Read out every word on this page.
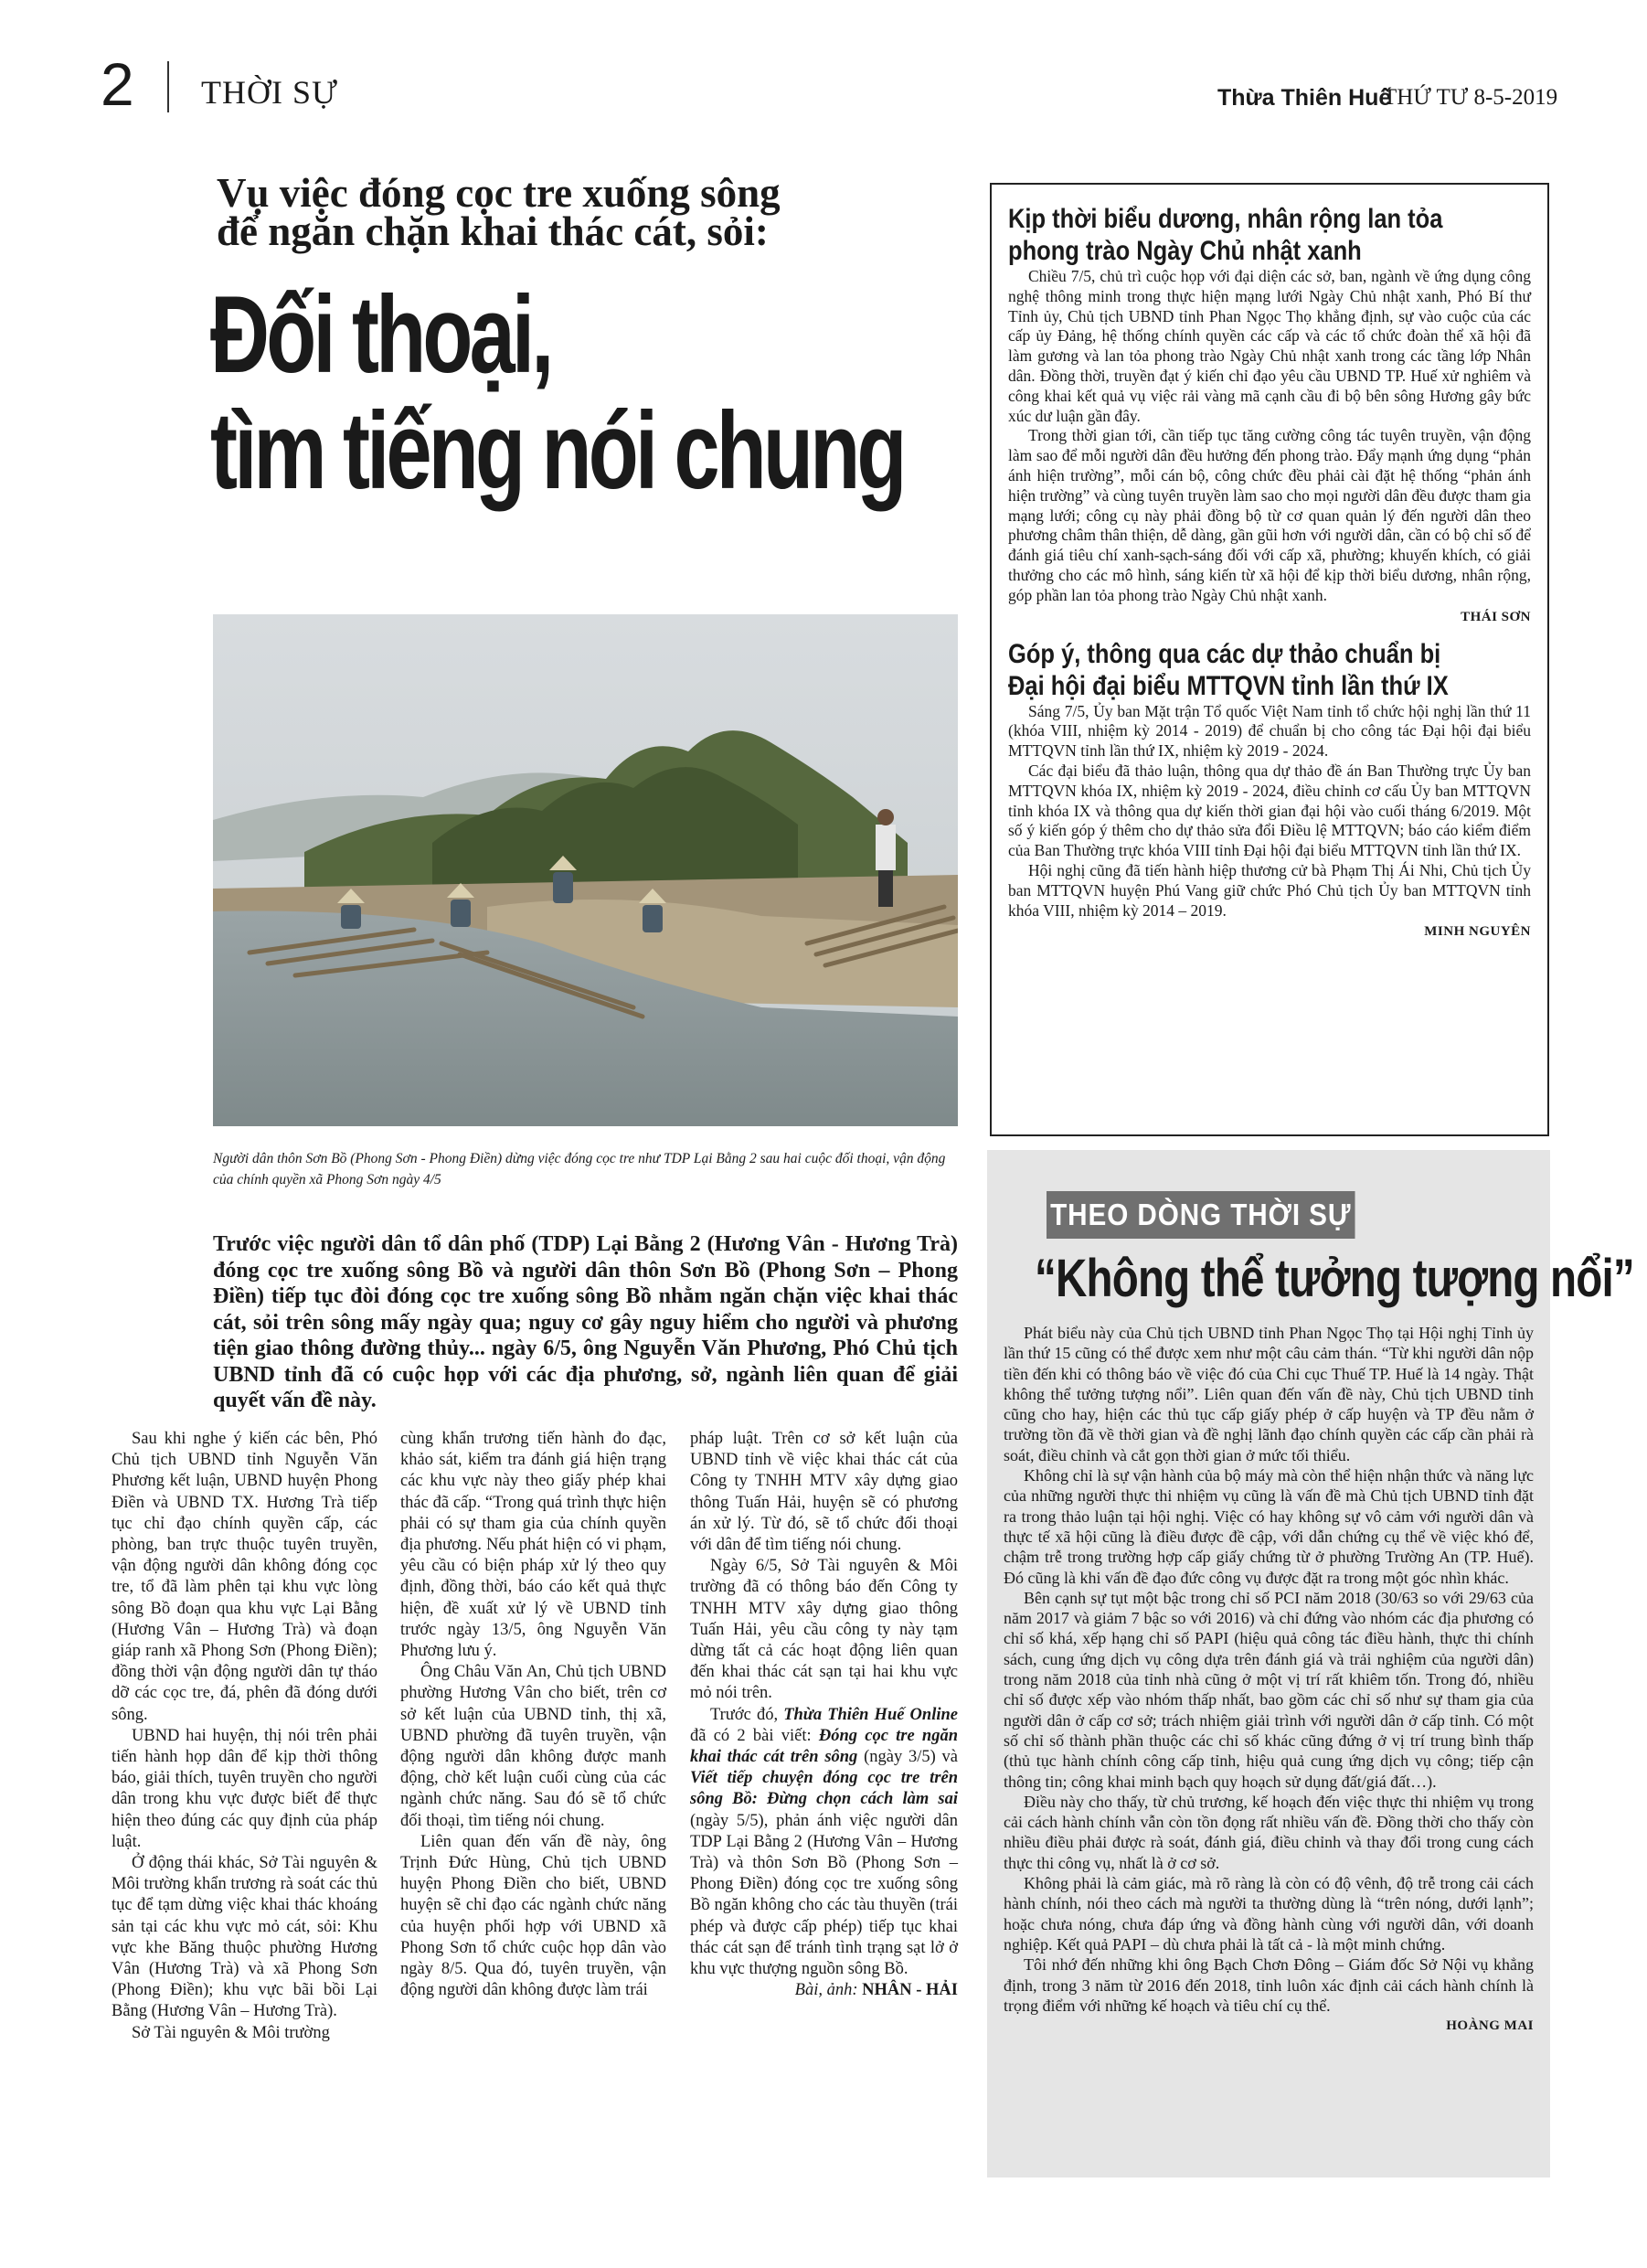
2 THỜI SỰ	Thừa Thiên Huế
THỨ TƯ 8-5-2019
Vụ việc đóng cọc tre xuống sông
để ngăn chặn khai thác cát, sỏi:
Đối thoại,
tìm tiếng nói chung
Người dân thôn Sơn Bồ (Phong Sơn - Phong Điền) dừng việc đóng cọc tre như TDP Lại Bằng 2 sau hai cuộc đối thoại, vận động của chính quyền xã Phong Sơn ngày 4/5
Trước việc người dân tổ dân phố (TDP) Lại Bằng 2 (Hương Vân - Hương Trà) đóng cọc tre xuống sông Bồ và người dân thôn Sơn Bồ (Phong Sơn – Phong Điền) tiếp tục đòi đóng cọc tre xuống sông Bồ nhằm ngăn chặn việc khai thác cát, sỏi trên sông mấy ngày qua; nguy cơ gây nguy hiểm cho người và phương tiện giao thông đường thủy... ngày 6/5, ông Nguyễn Văn Phương, Phó Chủ tịch UBND tỉnh đã có cuộc họp với các địa phương, sở, ngành liên quan để giải quyết vấn đề này.

Sau khi nghe ý kiến các bên, Phó Chủ tịch UBND tỉnh Nguyễn Văn Phương kết luận, UBND huyện Phong Điền và UBND TX. Hương Trà tiếp tục chỉ đạo chính quyền cấp, các phòng, ban trực thuộc tuyên truyền, vận động người dân không đóng cọc tre, tổ đã làm phên tại khu vực lòng sông Bồ đoạn qua khu vực Lại Bằng (Hương Vân – Hương Trà) và đoạn giáp ranh xã Phong Sơn (Phong Điền); đồng thời vận động người dân tự tháo dỡ các cọc tre, đá, phên đã đóng dưới sông.

UBND hai huyện, thị nói trên phải tiến hành họp dân để kịp thời thông báo, giải thích, tuyên truyền cho người dân trong khu vực được biết để thực hiện theo đúng các quy định của pháp luật.

Ở động thái khác, Sở Tài nguyên & Môi trường khẩn trương rà soát các thủ tục để tạm dừng việc khai thác khoáng sản tại các khu vực mỏ cát, sỏi: Khu vực khe Băng thuộc phường Hương Vân (Hương Trà) và xã Phong Sơn (Phong Điền); khu vực bãi bồi Lại Bằng (Hương Vân – Hương Trà).

Sở Tài nguyên & Môi trường

cùng khẩn trương tiến hành đo đạc, khảo sát, kiểm tra đánh giá hiện trạng các khu vực này theo giấy phép khai thác đã cấp. “Trong quá trình thực hiện phải có sự tham gia của chính quyền địa phương. Nếu phát hiện có vi phạm, yêu cầu có biện pháp xử lý theo quy định, đồng thời, báo cáo kết quả thực hiện, đề xuất xử lý về UBND tỉnh trước ngày 13/5, ông Nguyễn Văn Phương lưu ý.

Ông Châu Văn An, Chủ tịch UBND phường Hương Vân cho biết, trên cơ sở kết luận của UBND tỉnh, thị xã, UBND phường đã tuyên truyền, vận động người dân không được manh động, chờ kết luận cuối cùng của các ngành chức năng. Sau đó sẽ tổ chức đối thoại, tìm tiếng nói chung.

Liên quan đến vấn đề này, ông Trịnh Đức Hùng, Chủ tịch UBND huyện Phong Điền cho biết, UBND huyện sẽ chỉ đạo các ngành chức năng của huyện phối hợp với UBND xã Phong Sơn tổ chức cuộc họp dân vào ngày 8/5. Qua đó, tuyên truyền, vận động người dân không được làm trái

pháp luật. Trên cơ sở kết luận của UBND tỉnh về việc khai thác cát của Công ty TNHH MTV xây dựng giao thông Tuấn Hải, huyện sẽ có phương án xử lý. Từ đó, sẽ tổ chức đối thoại với dân để tìm tiếng nói chung.

Ngày 6/5, Sở Tài nguyên & Môi trường đã có thông báo đến Công ty TNHH MTV xây dựng giao thông Tuấn Hải, yêu cầu công ty này tạm dừng tất cả các hoạt động liên quan đến khai thác cát sạn tại hai khu vực mỏ nói trên.

Trước đó, Thừa Thiên Huế Online đã có 2 bài viết: Đóng cọc tre ngăn khai thác cát trên sông (ngày 3/5) và Viết tiếp chuyện đóng cọc tre trên sông Bồ: Đừng chọn cách làm sai (ngày 5/5), phản ánh việc người dân TDP Lại Bằng 2 (Hương Vân – Hương Trà) và thôn Sơn Bồ (Phong Sơn – Phong Điền) đóng cọc tre xuống sông Bồ ngăn không cho các tàu thuyền (trái phép và được cấp phép) tiếp tục khai thác cát sạn để tránh tình trạng sạt lở ở khu vực thượng nguồn sông Bồ.

Bài, ảnh: NHÂN - HẢI

Kịp thời biểu dương, nhân rộng lan tỏa
phong trào Ngày Chủ nhật xanh

Chiều 7/5, chủ trì cuộc họp với đại diện các sở, ban, ngành về ứng dụng công nghệ thông minh trong thực hiện mạng lưới Ngày Chủ nhật xanh, Phó Bí thư Tỉnh ủy, Chủ tịch UBND tỉnh Phan Ngọc Thọ khẳng định, sự vào cuộc của các cấp ủy Đảng, hệ thống chính quyền các cấp và các tổ chức đoàn thể xã hội đã làm gương và lan tỏa phong trào Ngày Chủ nhật xanh trong các tầng lớp Nhân dân. Đồng thời, truyền đạt ý kiến chỉ đạo yêu cầu UBND TP. Huế xử nghiêm và công khai kết quả vụ việc rải vàng mã cạnh cầu đi bộ bên sông Hương gây bức xúc dư luận gần đây.

Trong thời gian tới, cần tiếp tục tăng cường công tác tuyên truyền, vận động làm sao để mỗi người dân đều hưởng đến phong trào. Đẩy mạnh ứng dụng “phản ánh hiện trường”, mỗi cán bộ, công chức đều phải cài đặt hệ thống “phản ánh hiện trường” và cùng tuyên truyền làm sao cho mọi người dân đều được tham gia mạng lưới; công cụ này phải đồng bộ từ cơ quan quản lý đến người dân theo phương châm thân thiện, dễ dàng, gần gũi hơn với người dân, cần có bộ chỉ số để đánh giá tiêu chí xanh-sạch-sáng đối với cấp xã, phường; khuyến khích, có giải thưởng cho các mô hình, sáng kiến từ xã hội để kịp thời biểu dương, nhân rộng, góp phần lan tỏa phong trào Ngày Chủ nhật xanh.

THÁI SƠN
Góp ý, thông qua các dự thảo chuẩn bị
Đại hội đại biểu MTTQVN tỉnh lần thứ IX

Sáng 7/5, Ủy ban Mặt trận Tổ quốc Việt Nam tỉnh tổ chức hội nghị lần thứ 11 (khóa VIII, nhiệm kỳ 2014 - 2019) để chuẩn bị cho công tác Đại hội đại biểu MTTQVN tỉnh lần thứ IX, nhiệm kỳ 2019 - 2024.

Các đại biểu đã thảo luận, thông qua dự thảo đề án Ban Thường trực Ủy ban MTTQVN khóa IX, nhiệm kỳ 2019 - 2024, điều chỉnh cơ cấu Ủy ban MTTQVN tỉnh khóa IX và thông qua dự kiến thời gian đại hội vào cuối tháng 6/2019. Một số ý kiến góp ý thêm cho dự thảo sửa đổi Điều lệ MTTQVN; báo cáo kiểm điểm của Ban Thường trực khóa VIII tỉnh Đại hội đại biểu MTTQVN tỉnh lần thứ IX.

Hội nghị cũng đã tiến hành hiệp thương cử bà Phạm Thị Ái Nhi, Chủ tịch Ủy ban MTTQVN huyện Phú Vang giữ chức Phó Chủ tịch Ủy ban MTTQVN tỉnh khóa VIII, nhiệm kỳ 2014 – 2019.

MINH NGUYÊN
THEO DÒNG THỜI SỰ
“Không thể tưởng tượng nổi”

Phát biểu này của Chủ tịch UBND tỉnh Phan Ngọc Thọ tại Hội nghị Tỉnh ủy lần thứ 15 cũng có thể được xem như một câu cảm thán. “Từ khi người dân nộp tiền đến khi có thông báo về việc đó của Chi cục Thuế TP. Huế là 14 ngày. Thật không thể tưởng tượng nổi”. Liên quan đến vấn đề này, Chủ tịch UBND tỉnh cũng cho hay, hiện các thủ tục cấp giấy phép ở cấp huyện và TP đều nằm ở trường tồn đã về thời gian và đề nghị lãnh đạo chính quyền các cấp cần phải rà soát, điều chỉnh và cắt gọn thời gian ở mức tối thiểu.

Không chỉ là sự vận hành của bộ máy mà còn thể hiện nhận thức và năng lực của những người thực thi nhiệm vụ cũng là vấn đề mà Chủ tịch UBND tỉnh đặt ra trong thảo luận tại hội nghị. Việc có hay không sự vô cảm với người dân và thực tế xã hội cũng là điều được đề cập, với dẫn chứng cụ thể về việc khó để, chậm trễ trong trường hợp cấp giấy chứng từ ở phường Trường An (TP. Huế). Đó cũng là khi vấn đề đạo đức công vụ được đặt ra trong một góc nhìn khác.

Bên cạnh sự tụt một bậc trong chỉ số PCI năm 2018 (30/63 so với 29/63 của năm 2017 và giảm 7 bậc so với 2016) và chỉ đứng vào nhóm các địa phương có chỉ số khá, xếp hạng chỉ số PAPI (hiệu quả công tác điều hành, thực thi chính sách, cung ứng dịch vụ công dựa trên đánh giá và trải nghiệm của người dân) trong năm 2018 của tỉnh nhà cũng ở một vị trí rất khiêm tốn. Trong đó, nhiều chỉ số được xếp vào nhóm thấp nhất, bao gồm các chỉ số như sự tham gia của người dân ở cấp cơ sở; trách nhiệm giải trình với người dân ở cấp tỉnh. Có một số chỉ số thành phần thuộc các chỉ số khác cũng đứng ở vị trí trung bình thấp (thủ tục hành chính công cấp tỉnh, hiệu quả cung ứng dịch vụ công; tiếp cận thông tin; công khai minh bạch quy hoạch sử dụng đất/giá đất…).

Điều này cho thấy, từ chủ trương, kế hoạch đến việc thực thi nhiệm vụ trong cải cách hành chính vẫn còn tồn đọng rất nhiều vấn đề. Đồng thời cho thấy còn nhiều điều phải được rà soát, đánh giá, điều chỉnh và thay đổi trong cung cách thực thi công vụ, nhất là ở cơ sở.

Không phải là cảm giác, mà rõ ràng là còn có độ vênh, độ trễ trong cải cách hành chính, nói theo cách mà người ta thường dùng là “trên nóng, dưới lạnh”; hoặc chưa nóng, chưa đáp ứng và đồng hành cùng với người dân, với doanh nghiệp. Kết quả PAPI – dù chưa phải là tất cả - là một minh chứng.

Tôi nhớ đến những khi ông Bạch Chơn Đông – Giám đốc Sở Nội vụ khẳng định, trong 3 năm từ 2016 đến 2018, tỉnh luôn xác định cải cách hành chính là trọng điểm với những kế hoạch và tiêu chí cụ thể.

HOÀNG MAI
